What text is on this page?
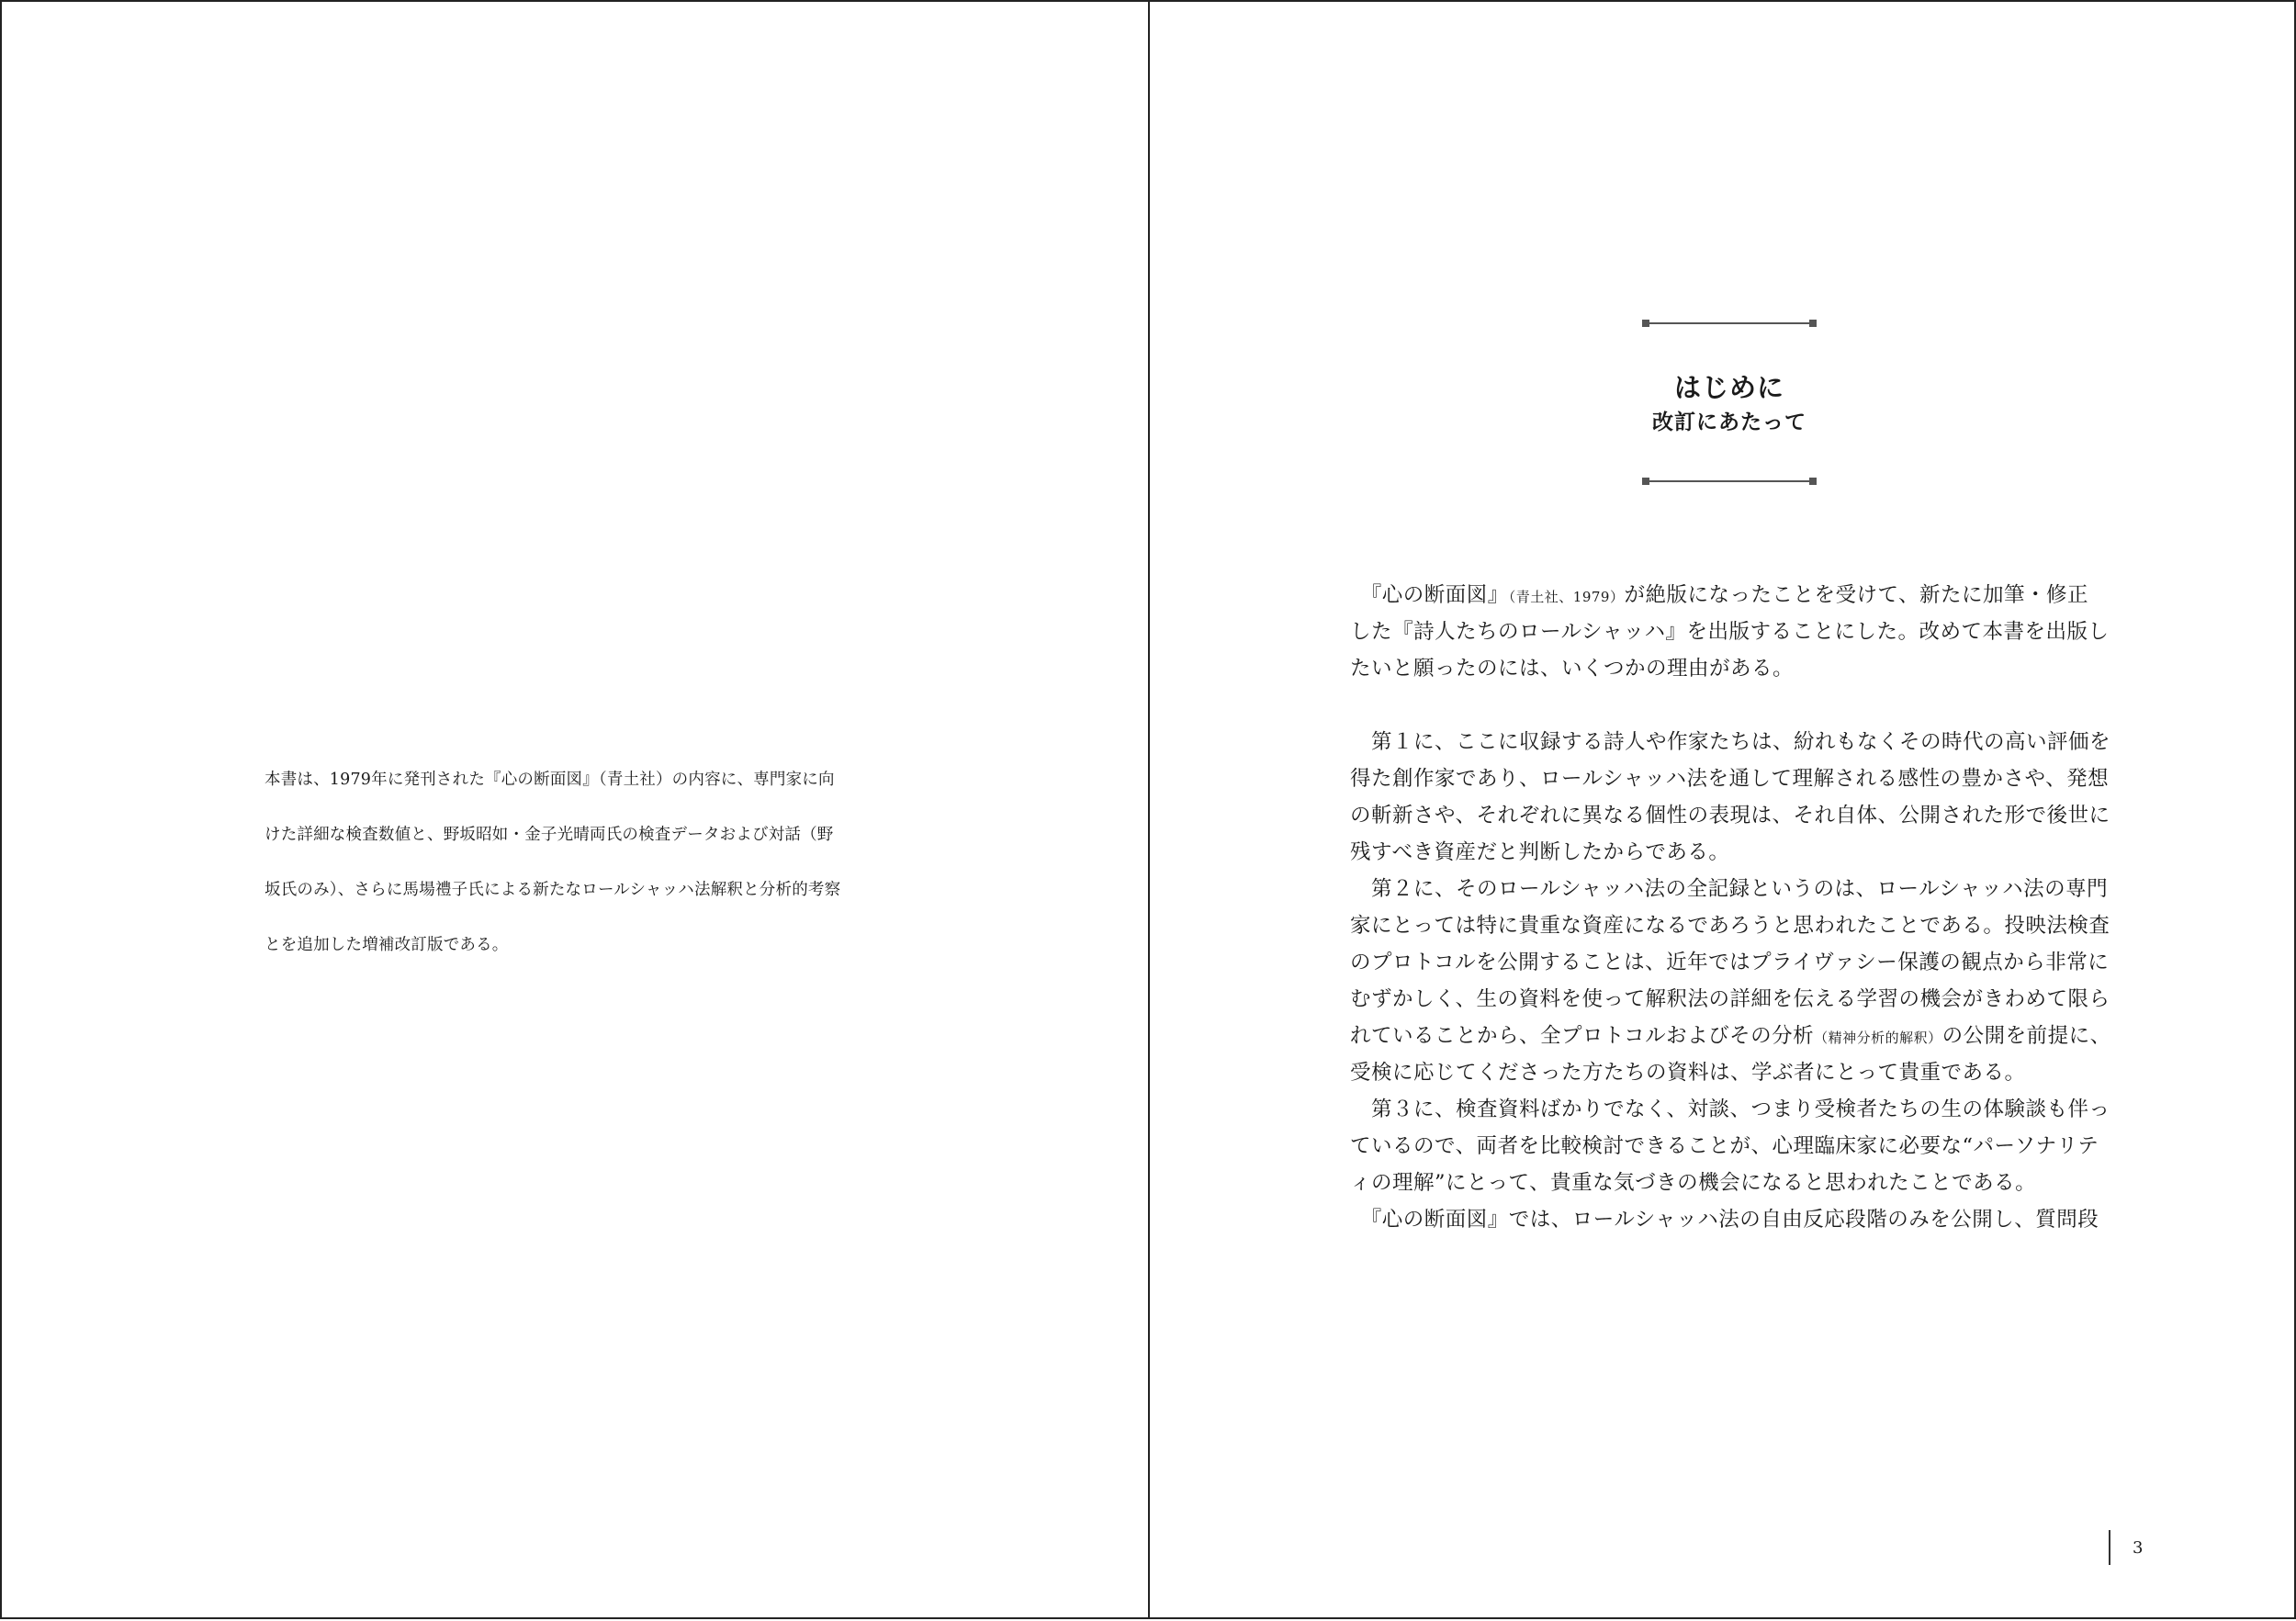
本書は、1979年に発刊された『心の断面図』（青土社）の内容に、専門家に向

けた詳細な検査数値と、野坂昭如・金子光晴両氏の検査データおよび対話（野

坂氏のみ）、さらに馬場禮子氏による新たなロールシャッハ法解釈と分析的考察

とを追加した増補改訂版である。

はじめに
改訂にあたって
　『心の断面図』（青土社、1979）が絶版になったことを受けて、新たに加筆・修正
した『詩人たちのロールシャッハ』を出版することにした。改めて本書を出版し
たいと願ったのには、いくつかの理由がある。
　第１に、ここに収録する詩人や作家たちは、紛れもなくその時代の高い評価を
得た創作家であり、ロールシャッハ法を通して理解される感性の豊かさや、発想
の斬新さや、それぞれに異なる個性の表現は、それ自体、公開された形で後世に
残すべき資産だと判断したからである。
　第２に、そのロールシャッハ法の全記録というのは、ロールシャッハ法の専門
家にとっては特に貴重な資産になるであろうと思われたことである。投映法検査
のプロトコルを公開することは、近年ではプライヴァシー保護の観点から非常に
むずかしく、生の資料を使って解釈法の詳細を伝える学習の機会がきわめて限ら
れていることから、全プロトコルおよびその分析（精神分析的解釈）の公開を前提に、
受検に応じてくださった方たちの資料は、学ぶ者にとって貴重である。
　第３に、検査資料ばかりでなく、対談、つまり受検者たちの生の体験談も伴っ
ているので、両者を比較検討できることが、心理臨床家に必要な“パーソナリテ
ィの理解”にとって、貴重な気づきの機会になると思われたことである。
　『心の断面図』では、ロールシャッハ法の自由反応段階のみを公開し、質問段
3
